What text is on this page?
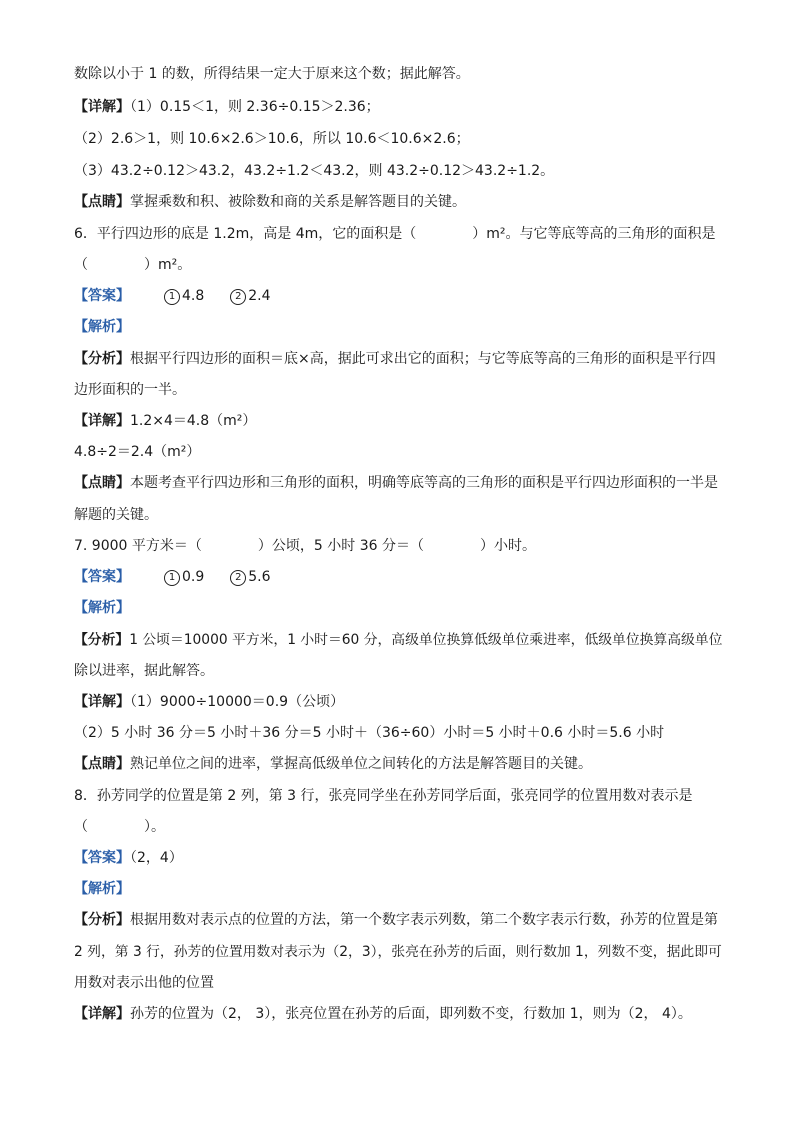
数除以小于 1 的数，所得结果一定大于原来这个数；据此解答。
【详解】（1）0.15＜1，则 2.36÷0.15＞2.36；
（2）2.6＞1，则 10.6×2.6＞10.6，所以 10.6＜10.6×2.6；
（3）43.2÷0.12＞43.2，43.2÷1.2＜43.2，则 43.2÷0.12＞43.2÷1.2。
【点睛】掌握乘数和积、被除数和商的关系是解答题目的关键。
6．平行四边形的底是 1.2m，高是 4m，它的面积是（　　　　）m²。与它等底等高的三角形的面积是
（　　　　）m²。
【答案】	1 4.8	2 2.4
【解析】
【分析】根据平行四边形的面积＝底×高，据此可求出它的面积；与它等底等高的三角形的面积是平行四
边形面积的一半。
【详解】1.2×4＝4.8（m²）
4.8÷2＝2.4（m²）
【点睛】本题考查平行四边形和三角形的面积，明确等底等高的三角形的面积是平行四边形面积的一半是
解题的关键。
7. 9000 平方米＝（　　　　）公顷，5 小时 36 分＝（　　　　）小时。
【答案】	1 0.9	2 5.6
【解析】
【分析】1 公顷＝10000 平方米，1 小时＝60 分，高级单位换算低级单位乘进率，低级单位换算高级单位
除以进率，据此解答。
【详解】（1）9000÷10000＝0.9（公顷）
（2）5 小时 36 分＝5 小时＋36 分＝5 小时＋（36÷60）小时＝5 小时＋0.6 小时＝5.6 小时
【点睛】熟记单位之间的进率，掌握高低级单位之间转化的方法是解答题目的关键。
8．孙芳同学的位置是第 2 列，第 3 行，张亮同学坐在孙芳同学后面，张亮同学的位置用数对表示是
（　　　　）。
【答案】（2，4）
【解析】
【分析】根据用数对表示点的位置的方法，第一个数字表示列数，第二个数字表示行数，孙芳的位置是第
2 列，第 3 行，孙芳的位置用数对表示为（2，3），张亮在孙芳的后面，则行数加 1，列数不变，据此即可
用数对表示出他的位置
【详解】孙芳的位置为（2， 3），张亮位置在孙芳的后面，即列数不变，行数加 1，则为（2， 4）。
